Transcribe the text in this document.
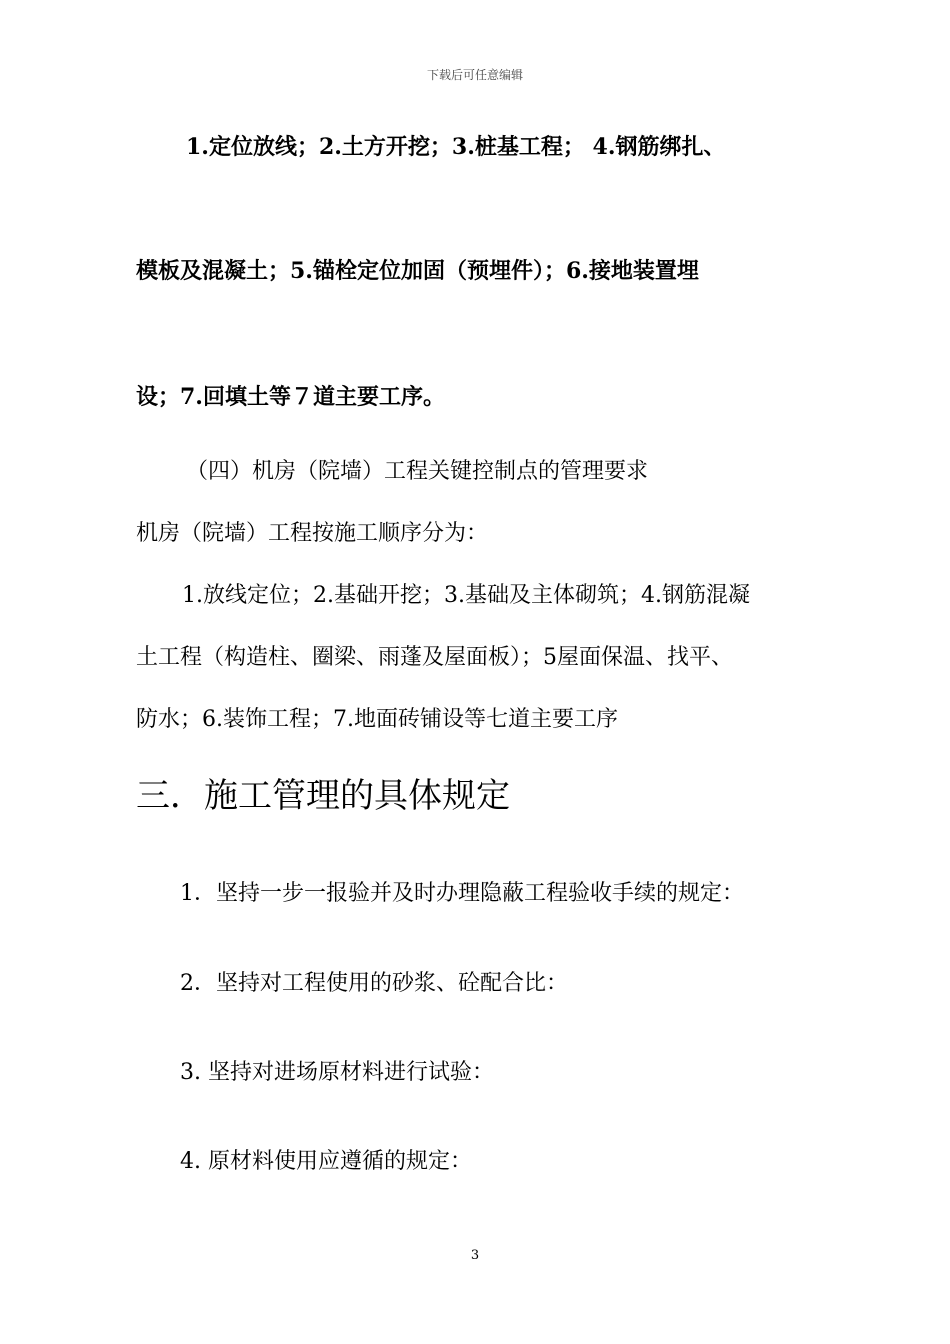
下载后可任意编辑
1.定位放线；2.土方开挖；3.桩基工程； 4.钢筋绑扎、
模板及混凝土；5.锚栓定位加固（预埋件）；6.接地装置埋
设；7.回填土等７道主要工序。
（四）机房（院墙）工程关键控制点的管理要求
机房（院墙）工程按施工顺序分为：
1.放线定位；2.基础开挖；3.基础及主体砌筑；4.钢筋混凝
土工程（构造柱、圈梁、雨蓬及屋面板）；5屋面保温、找平、
防水；6.装饰工程；7.地面砖铺设等七道主要工序
三．施工管理的具体规定
1．坚持一步一报验并及时办理隐蔽工程验收手续的规定：
2．坚持对工程使用的砂浆、砼配合比：
3. 坚持对进场原材料进行试验：
4. 原材料使用应遵循的规定：
3
